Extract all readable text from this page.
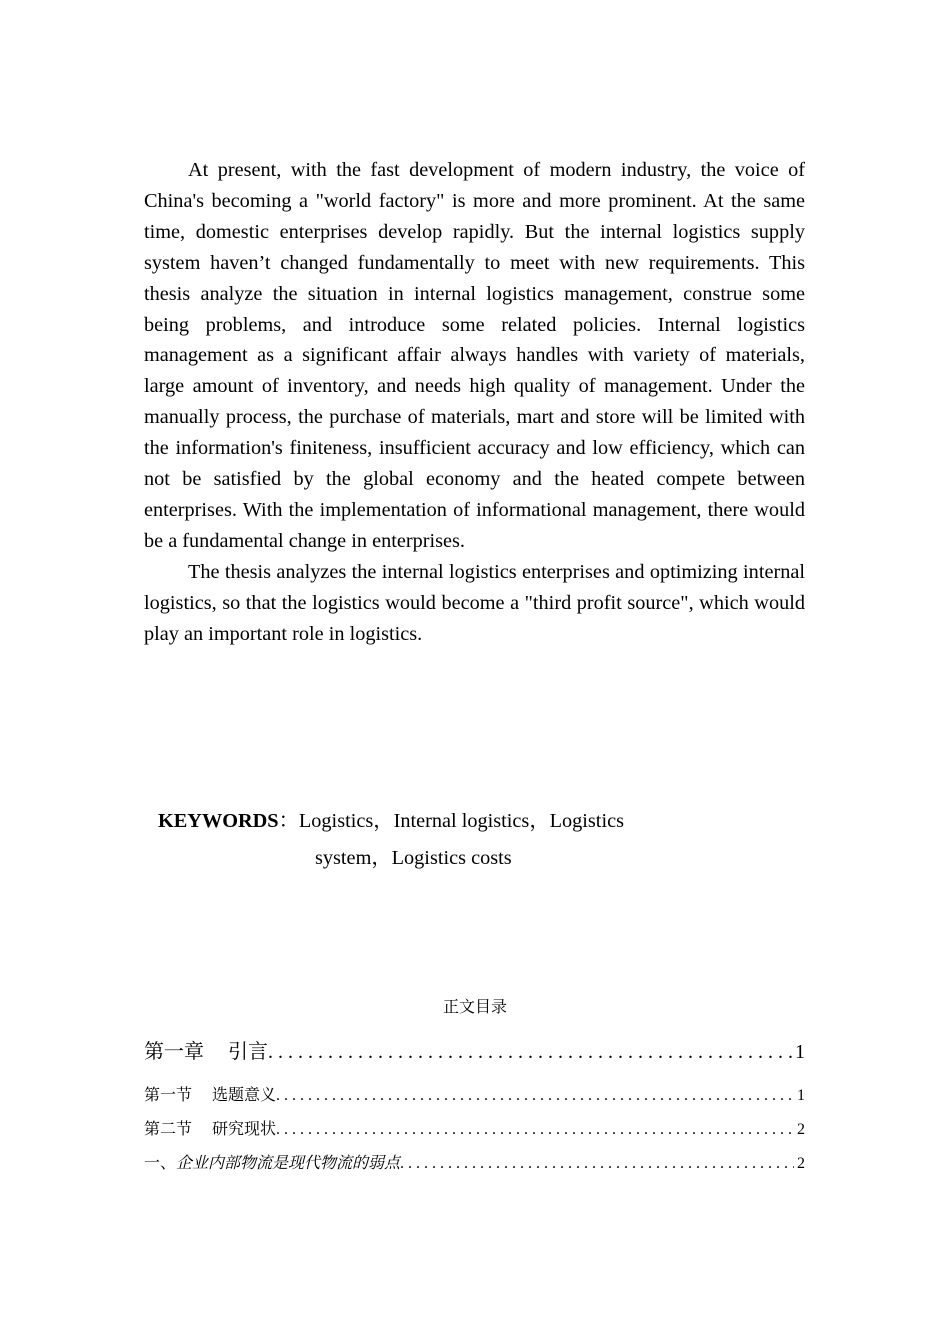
At present, with the fast development of modern industry, the voice of China's becoming a "world factory" is more and more prominent. At the same time, domestic enterprises develop rapidly. But the internal logistics supply system haven’t changed fundamentally to meet with new requirements. This thesis analyze the situation in internal logistics management, construe some being problems, and introduce some related policies. Internal logistics management as a significant affair always handles with variety of materials, large amount of inventory, and needs high quality of management. Under the manually process, the purchase of materials, mart and store will be limited with the information's finiteness, insufficient accuracy and low efficiency, which can not be satisfied by the global economy and the heated compete between enterprises. With the implementation of informational management, there would be a fundamental change in enterprises.

The thesis analyzes the internal logistics enterprises and optimizing internal logistics, so that the logistics would become a "third profit source", which would play an important role in logistics.

KEYWORDS：Logistics，Internal logistics，Logistics
system，Logistics costs
正文目录
第一章 引言 . . .	1
第一节 选题意义 . . .	1
第二节 研究现状 . . .	2
一、企业内部物流是现代物流的弱点 . . .	2
